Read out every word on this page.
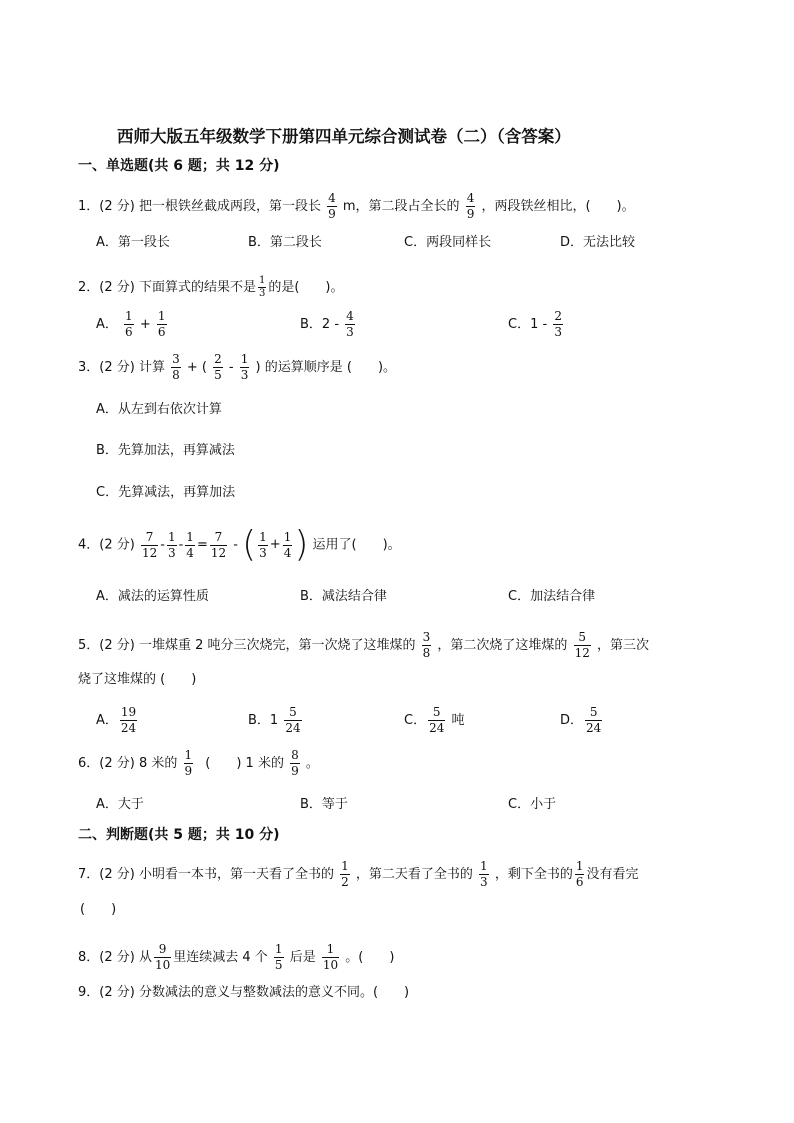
西师大版五年级数学下册第四单元综合测试卷（二）（含答案）
一、单选题(共 6 题；共 12 分)
1．(2 分) 把一根铁丝截成两段，第一段长 $\frac{4}{9}$ m，第二段占全长的 $\frac{4}{9}$ ，两段铁丝相比，(　　)。
A．第一段长	B．第二段长	C．两段同样长	D．无法比较
2．(2 分) 下面算式的结果不是 $\frac{1}{3}$ 的是(　　)。
A． $\frac{1}{6} + \frac{1}{6}$	B．$2 - \frac{4}{3}$	C．$1 - \frac{2}{3}$
3．(2 分) 计算 $\frac{3}{8}$ + ( $\frac{2}{5} - \frac{1}{3}$ ) 的运算顺序是 (　　)。
A．从左到右依次计算
B．先算加法，再算减法
C．先算减法，再算加法
4．(2 分) $\frac{7}{12} - \frac{1}{3} - \frac{1}{4} = \frac{7}{12}$ - ( $\frac{1}{3} + \frac{1}{4}$ ) 运用了(　　)。
A．减法的运算性质	B．减法结合律	C．加法结合律
5．(2 分) 一堆煤重 2 吨分三次烧完，第一次烧了这堆煤的 $\frac{3}{8}$ ，第二次烧了这堆煤的 $\frac{5}{12}$ ，第三次
烧了这堆煤的 (　　)
A． $\frac{19}{24}$	B．$1 \frac{5}{24}$	C． $\frac{5}{24}$ 吨	D． $\frac{5}{24}$
6．(2 分) 8 米的 $\frac{1}{9}$ (　　) 1 米的 $\frac{8}{9}$ 。
A．大于	B．等于	C．小于
二、判断题(共 5 题；共 10 分)
7．(2 分) 小明看一本书，第一天看了全书的 $\frac{1}{2}$ ，第二天看了全书的 $\frac{1}{3}$ ，剩下全书的 $\frac{1}{6}$ 没有看完
(　　)
8．(2 分) 从 $\frac{9}{10}$ 里连续减去 4 个 $\frac{1}{5}$ 后是 $\frac{1}{10}$ 。(　　)
9．(2 分) 分数减法的意义与整数减法的意义不同。(　　)
